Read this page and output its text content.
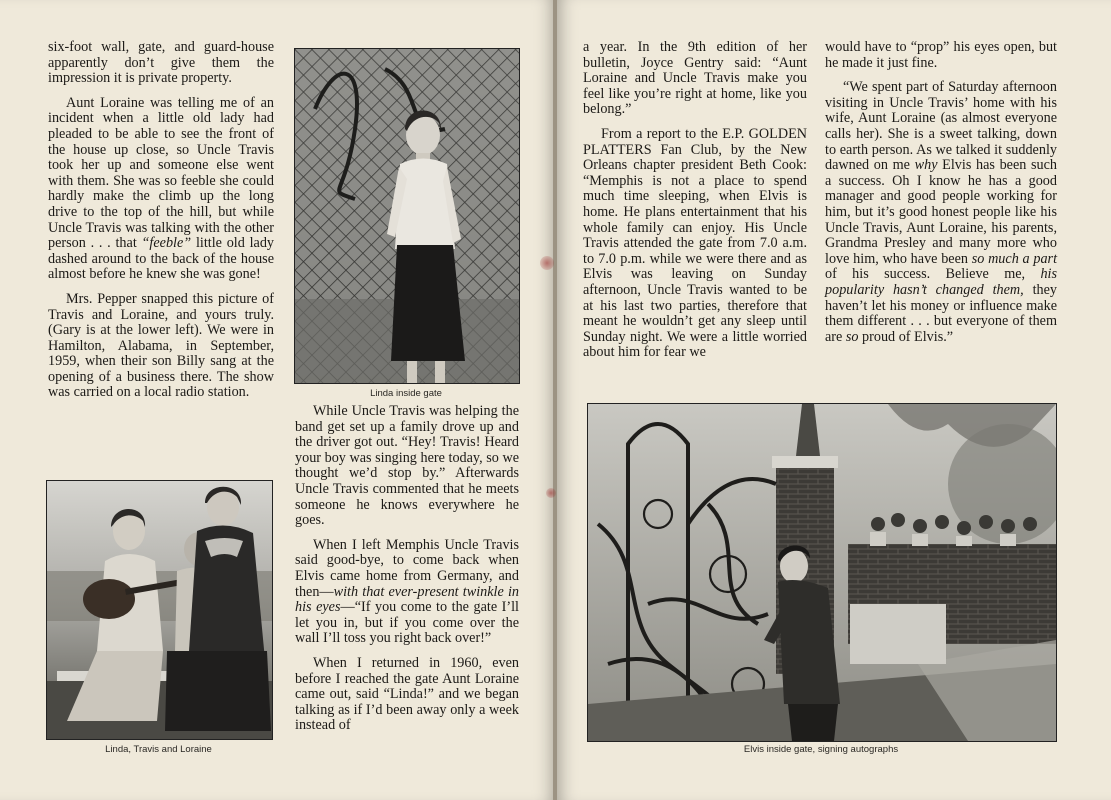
six-foot wall, gate, and guard-house apparently don’t give them the impression it is private property.

Aunt Loraine was telling me of an incident when a little old lady had pleaded to be able to see the front of the house up close, so Uncle Travis took her up and someone else went with them. She was so feeble she could hardly make the climb up the long drive to the top of the hill, but while Uncle Travis was talking with the other person . . . that “feeble” little old lady dashed around to the back of the house almost before he knew she was gone!

Mrs. Pepper snapped this picture of Travis and Loraine, and yours truly. (Gary is at the lower left). We were in Hamilton, Alabama, in September, 1959, when their son Billy sang at the opening of a business there. The show was carried on a local radio station.	Linda inside gate
Linda, Travis and Loraine

While Uncle Travis was helping the band get set up a family drove up and the driver got out. “Hey! Travis! Heard your boy was singing here today, so we thought we’d stop by.” Afterwards Uncle Travis commented that he meets someone he knows everywhere he goes.

When I left Memphis Uncle Travis said good-bye, to come back when Elvis came home from Germany, and then—with that ever-present twinkle in his eyes—“If you come to the gate I’ll let you in, but if you come over the wall I’ll toss you right back over!”

When I returned in 1960, even before I reached the gate Aunt Loraine came out, said “Linda!” and we began talking as if I’d been away only a week instead of

a year. In the 9th edition of her bulletin, Joyce Gentry said: “Aunt Loraine and Uncle Travis make you feel like you’re right at home, like you belong.”

From a report to the E.P. GOLDEN PLATTERS Fan Club, by the New Orleans chapter president Beth Cook: “Memphis is not a place to spend much time sleeping, when Elvis is home. He plans entertainment that his whole family can enjoy. His Uncle Travis attended the gate from 7.0 a.m. to 7.0 p.m. while we were there and as Elvis was leaving on Sunday afternoon, Uncle Travis wanted to be at his last two parties, therefore that meant he wouldn’t get any sleep until Sunday night. We were a little worried about him for fear we

would have to “prop” his eyes open, but he made it just fine.

“We spent part of Saturday afternoon visiting in Uncle Travis’ home with his wife, Aunt Loraine (as almost everyone calls her). She is a sweet talking, down to earth person. As we talked it suddenly dawned on me why Elvis has been such a success. Oh I know he has a good manager and good people working for him, but it’s good honest people like his Uncle Travis, Aunt Loraine, his parents, Grandma Presley and many more who love him, who have been so much a part of his success. Believe me, his popularity hasn’t changed them, they haven’t let his money or influence make them different . . . but everyone of them are so proud of Elvis.”

Elvis inside gate, signing autographs
